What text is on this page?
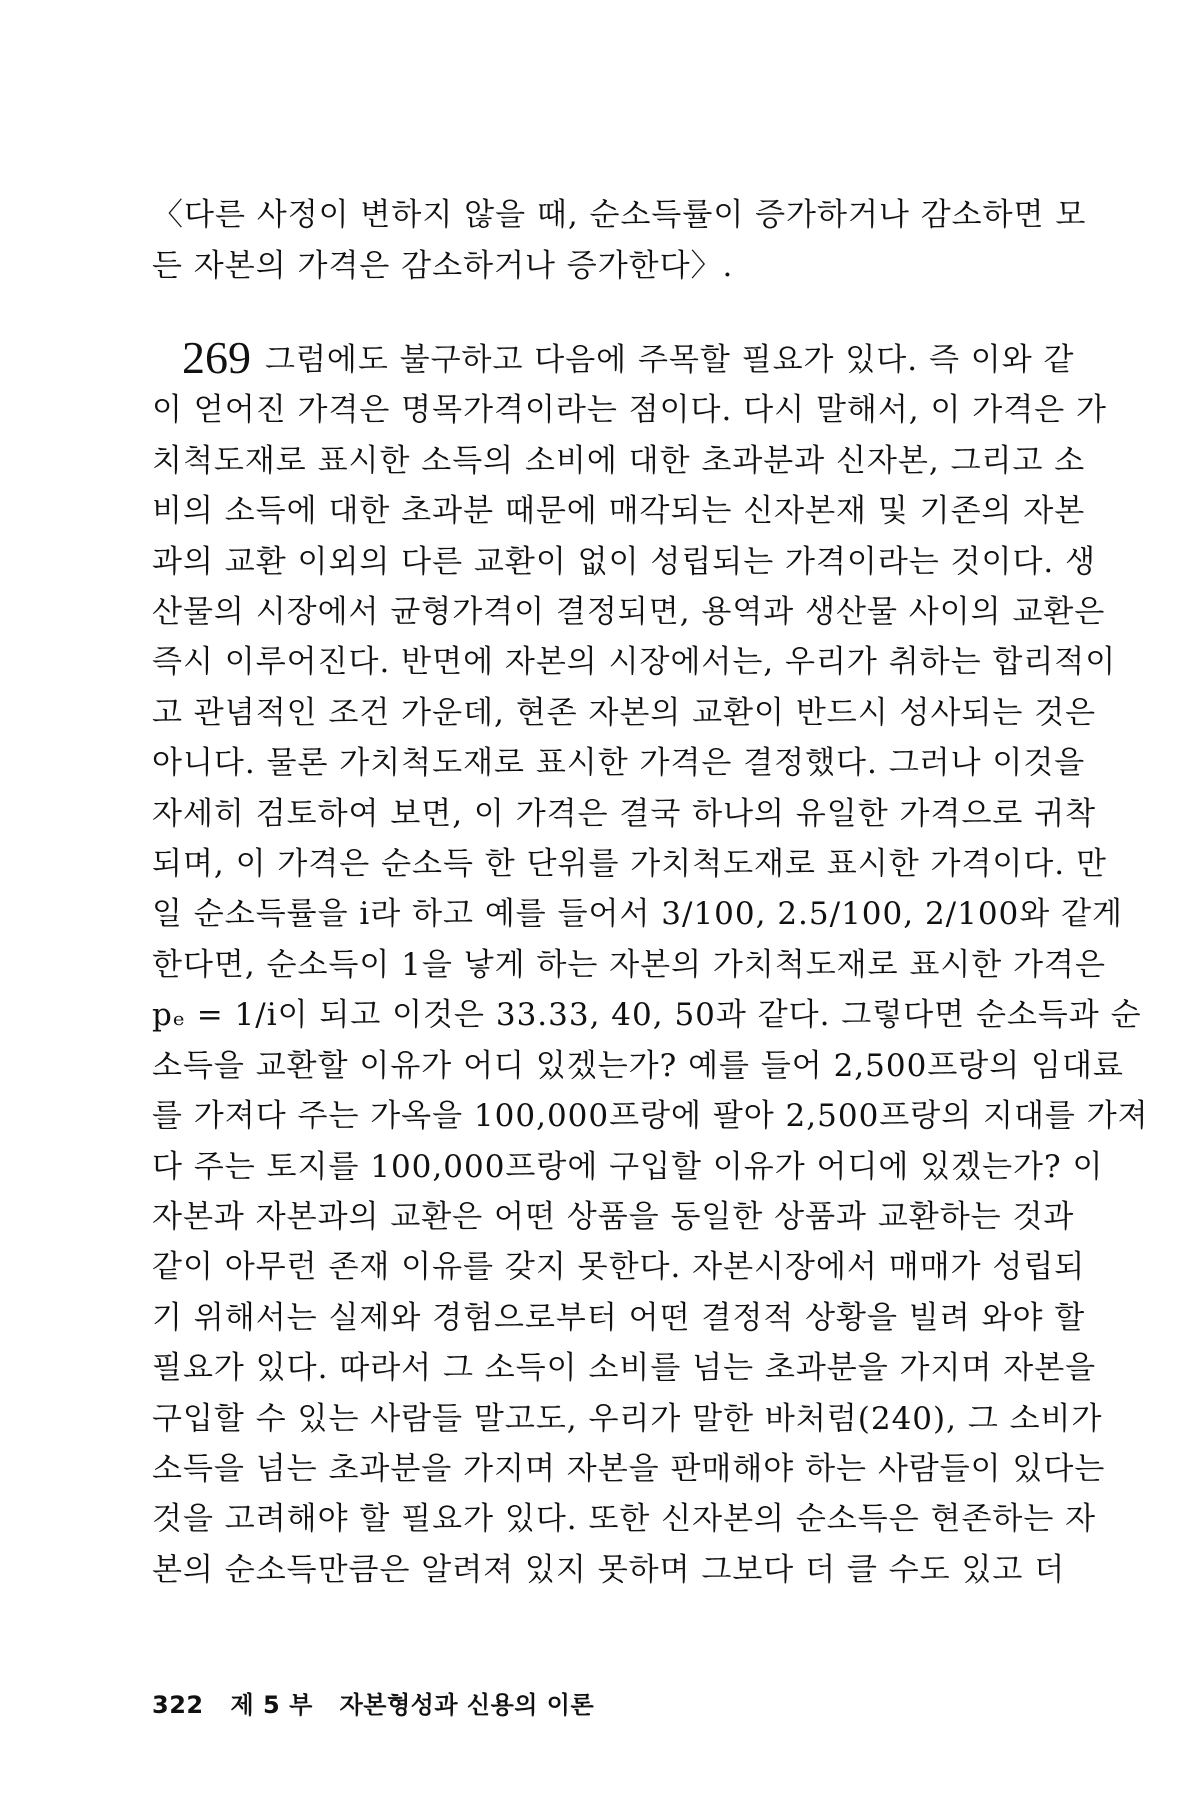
〈다른 사정이 변하지 않을 때, 순소득률이 증가하거나 감소하면 모
든 자본의 가격은 감소하거나 증가한다〉.
269 그럼에도 불구하고 다음에 주목할 필요가 있다. 즉 이와 같
이 얻어진 가격은 명목가격이라는 점이다. 다시 말해서, 이 가격은 가
치척도재로 표시한 소득의 소비에 대한 초과분과 신자본, 그리고 소
비의 소득에 대한 초과분 때문에 매각되는 신자본재 및 기존의 자본
과의 교환 이외의 다른 교환이 없이 성립되는 가격이라는 것이다. 생
산물의 시장에서 균형가격이 결정되면, 용역과 생산물 사이의 교환은
즉시 이루어진다. 반면에 자본의 시장에서는, 우리가 취하는 합리적이
고 관념적인 조건 가운데, 현존 자본의 교환이 반드시 성사되는 것은
아니다. 물론 가치척도재로 표시한 가격은 결정했다. 그러나 이것을
자세히 검토하여 보면, 이 가격은 결국 하나의 유일한 가격으로 귀착
되며, 이 가격은 순소득 한 단위를 가치척도재로 표시한 가격이다. 만
일 순소득률을 i라 하고 예를 들어서 3/100, 2.5/100, 2/100와 같게
한다면, 순소득이 1을 낳게 하는 자본의 가치척도재로 표시한 가격은
pₑ = 1/i이 되고 이것은 33.33, 40, 50과 같다. 그렇다면 순소득과 순
소득을 교환할 이유가 어디 있겠는가? 예를 들어 2,500프랑의 임대료
를 가져다 주는 가옥을 100,000프랑에 팔아 2,500프랑의 지대를 가져
다 주는 토지를 100,000프랑에 구입할 이유가 어디에 있겠는가? 이
자본과 자본과의 교환은 어떤 상품을 동일한 상품과 교환하는 것과
같이 아무런 존재 이유를 갖지 못한다. 자본시장에서 매매가 성립되
기 위해서는 실제와 경험으로부터 어떤 결정적 상황을 빌려 와야 할
필요가 있다. 따라서 그 소득이 소비를 넘는 초과분을 가지며 자본을
구입할 수 있는 사람들 말고도, 우리가 말한 바처럼(240), 그 소비가
소득을 넘는 초과분을 가지며 자본을 판매해야 하는 사람들이 있다는
것을 고려해야 할 필요가 있다. 또한 신자본의 순소득은 현존하는 자
본의 순소득만큼은 알려져 있지 못하며 그보다 더 클 수도 있고 더
322 제 5 부 자본형성과 신용의 이론
